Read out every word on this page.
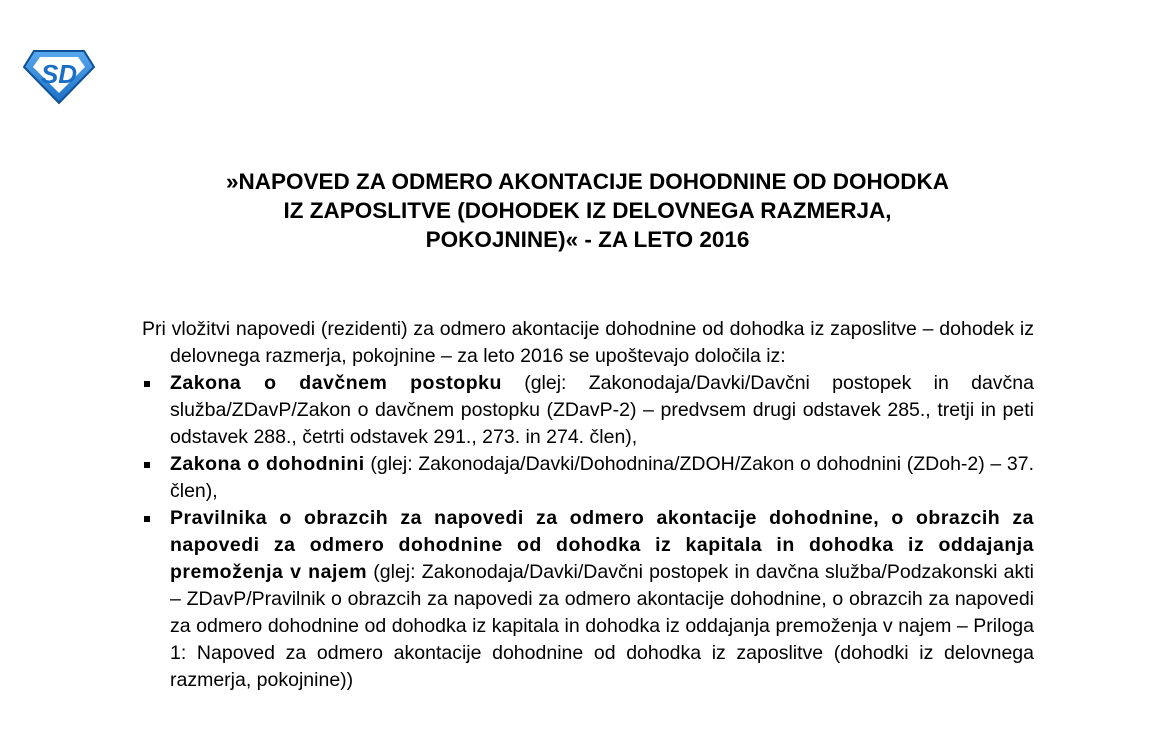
SD
»NAPOVED ZA ODMERO AKONTACIJE DOHODNINE OD DOHODKA
IZ ZAPOSLITVE (DOHODEK IZ DELOVNEGA RAZMERJA,
POKOJNINE)« - ZA LETO 2016

Pri vložitvi napovedi (rezidenti) za odmero akontacije dohodnine od dohodka iz zaposlitve – dohodek iz delovnega razmerja, pokojnine – za leto 2016 se upoštevajo določila iz:

Zakona o davčnem postopku (glej: Zakonodaja/Davki/Davčni postopek in davčna služba/ZDavP/Zakon o davčnem postopku (ZDavP-2) – predvsem drugi odstavek 285., tretji in peti odstavek 288., četrti odstavek 291., 273. in 274. člen),
Zakona o dohodnini (glej: Zakonodaja/Davki/Dohodnina/ZDOH/Zakon o dohodnini (ZDoh-2) – 37. člen),
Pravilnika o obrazcih za napovedi za odmero akontacije dohodnine, o obrazcih za napovedi za odmero dohodnine od dohodka iz kapitala in dohodka iz oddajanja premoženja v najem (glej: Zakonodaja/Davki/Davčni postopek in davčna služba/Podzakonski akti – ZDavP/Pravilnik o obrazcih za napovedi za odmero akontacije dohodnine, o obrazcih za napovedi za odmero dohodnine od dohodka iz kapitala in dohodka iz oddajanja premoženja v najem – Priloga 1: Napoved za odmero akontacije dohodnine od dohodka iz zaposlitve (dohodki iz delovnega razmerja, pokojnine))
